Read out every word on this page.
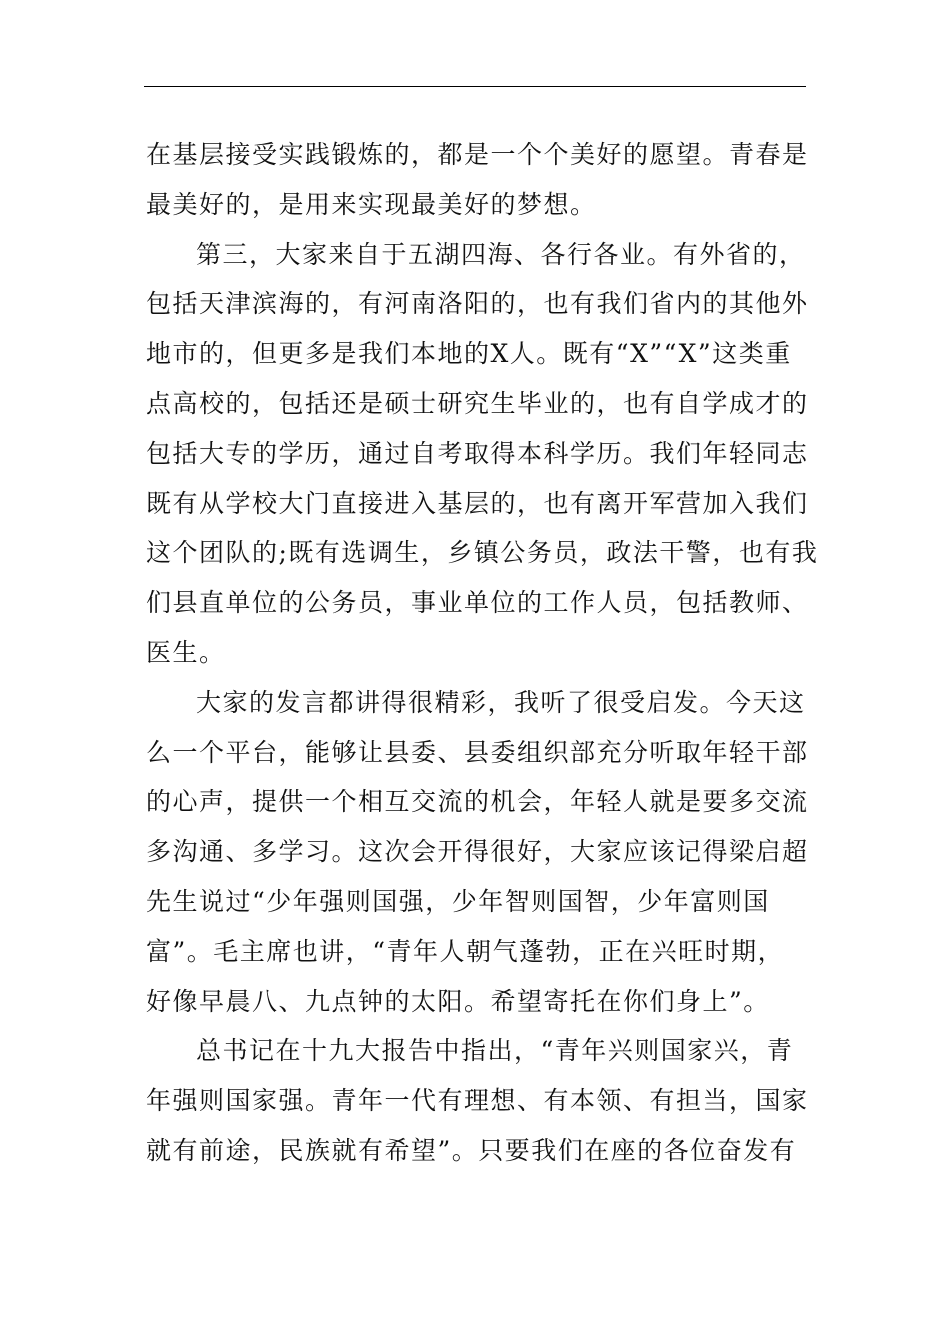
在基层接受实践锻炼的，都是一个个美好的愿望。青春是
最美好的，是用来实现最美好的梦想。
第三，大家来自于五湖四海、各行各业。有外省的，
包括天津滨海的，有河南洛阳的，也有我们省内的其他外
地市的，但更多是我们本地的X人。既有“X”“X”这类重
点高校的，包括还是硕士研究生毕业的，也有自学成才的
包括大专的学历，通过自考取得本科学历。我们年轻同志
既有从学校大门直接进入基层的，也有离开军营加入我们
这个团队的;既有选调生，乡镇公务员，政法干警，也有我
们县直单位的公务员，事业单位的工作人员，包括教师、
医生。
大家的发言都讲得很精彩，我听了很受启发。今天这
么一个平台，能够让县委、县委组织部充分听取年轻干部
的心声，提供一个相互交流的机会，年轻人就是要多交流
多沟通、多学习。这次会开得很好，大家应该记得梁启超
先生说过“少年强则国强，少年智则国智，少年富则国
富”。毛主席也讲，“青年人朝气蓬勃，正在兴旺时期，
好像早晨八、九点钟的太阳。希望寄托在你们身上”。
总书记在十九大报告中指出，“青年兴则国家兴，青
年强则国家强。青年一代有理想、有本领、有担当，国家
就有前途，民族就有希望”。只要我们在座的各位奋发有
